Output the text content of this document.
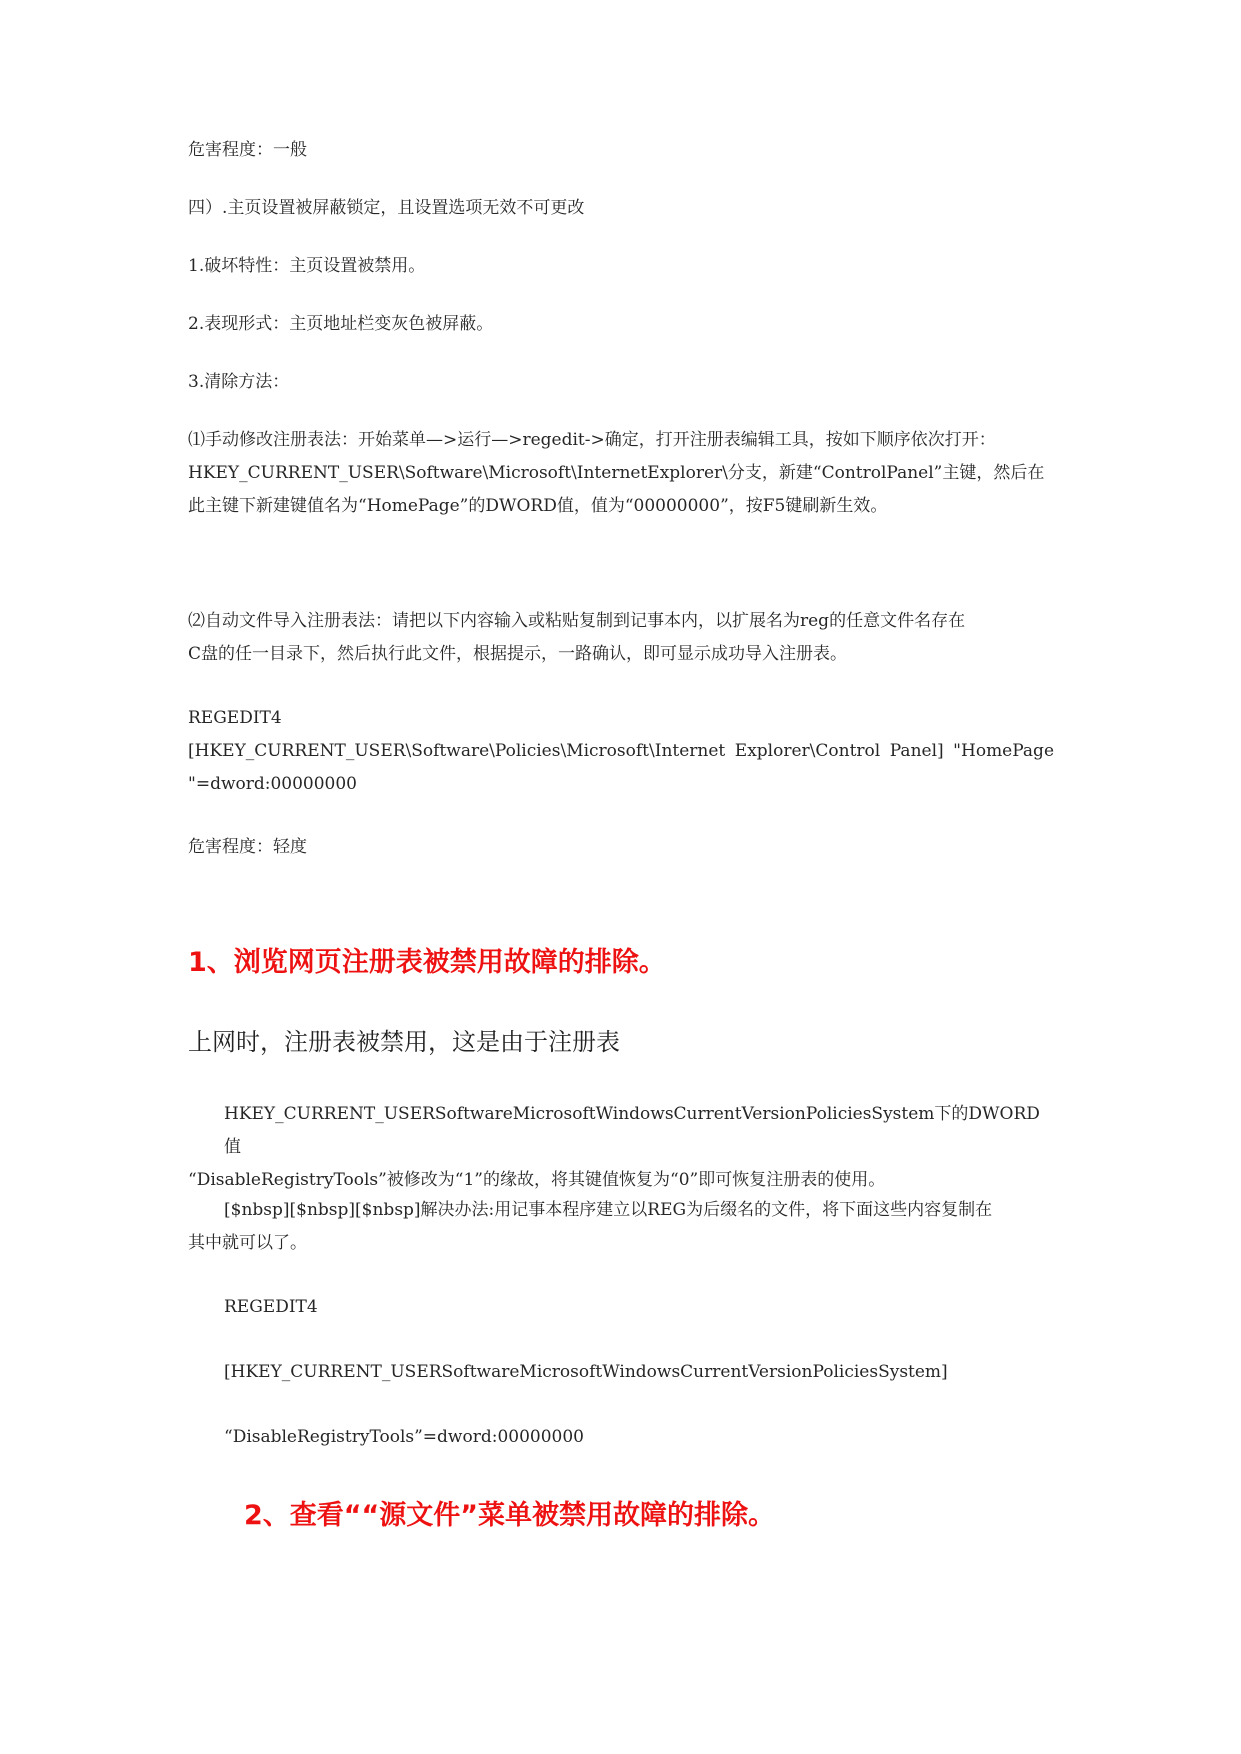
危害程度：一般
四）.主页设置被屏蔽锁定，且设置选项无效不可更改
1.破坏特性：主页设置被禁用。
2.表现形式：主页地址栏变灰色被屏蔽。
3.清除方法：
⑴手动修改注册表法：开始菜单—>运行—>regedit->确定，打开注册表编辑工具，按如下顺序依次打开：
HKEY_CURRENT_USER\Software\Microsoft\InternetExplorer\分支，新建“ControlPanel”主键，然后在
此主键下新建键值名为“HomePage”的DWORD值，值为“00000000”，按F5键刷新生效。
⑵自动文件导入注册表法：请把以下内容输入或粘贴复制到记事本内，以扩展名为reg的任意文件名存在
C盘的任一目录下，然后执行此文件，根据提示，一路确认，即可显示成功导入注册表。
REGEDIT4
[HKEY_CURRENT_USER\Software\Policies\Microsoft\Internet Explorer\Control Panel] "HomePage
"=dword:00000000
危害程度：轻度
1、浏览网页注册表被禁用故障的排除。
上网时，注册表被禁用，这是由于注册表
HKEY_CURRENT_USERSoftwareMicrosoftWindowsCurrentVersionPoliciesSystem下的DWORD值
“DisableRegistryTools”被修改为“1”的缘故，将其键值恢复为“0”即可恢复注册表的使用。
[$nbsp][$nbsp][$nbsp]解决办法:用记事本程序建立以REG为后缀名的文件，将下面这些内容复制在
其中就可以了。
REGEDIT4
[HKEY_CURRENT_USERSoftwareMicrosoftWindowsCurrentVersionPoliciesSystem]
“DisableRegistryTools”=dword:00000000
2、查看““源文件”菜单被禁用故障的排除。
